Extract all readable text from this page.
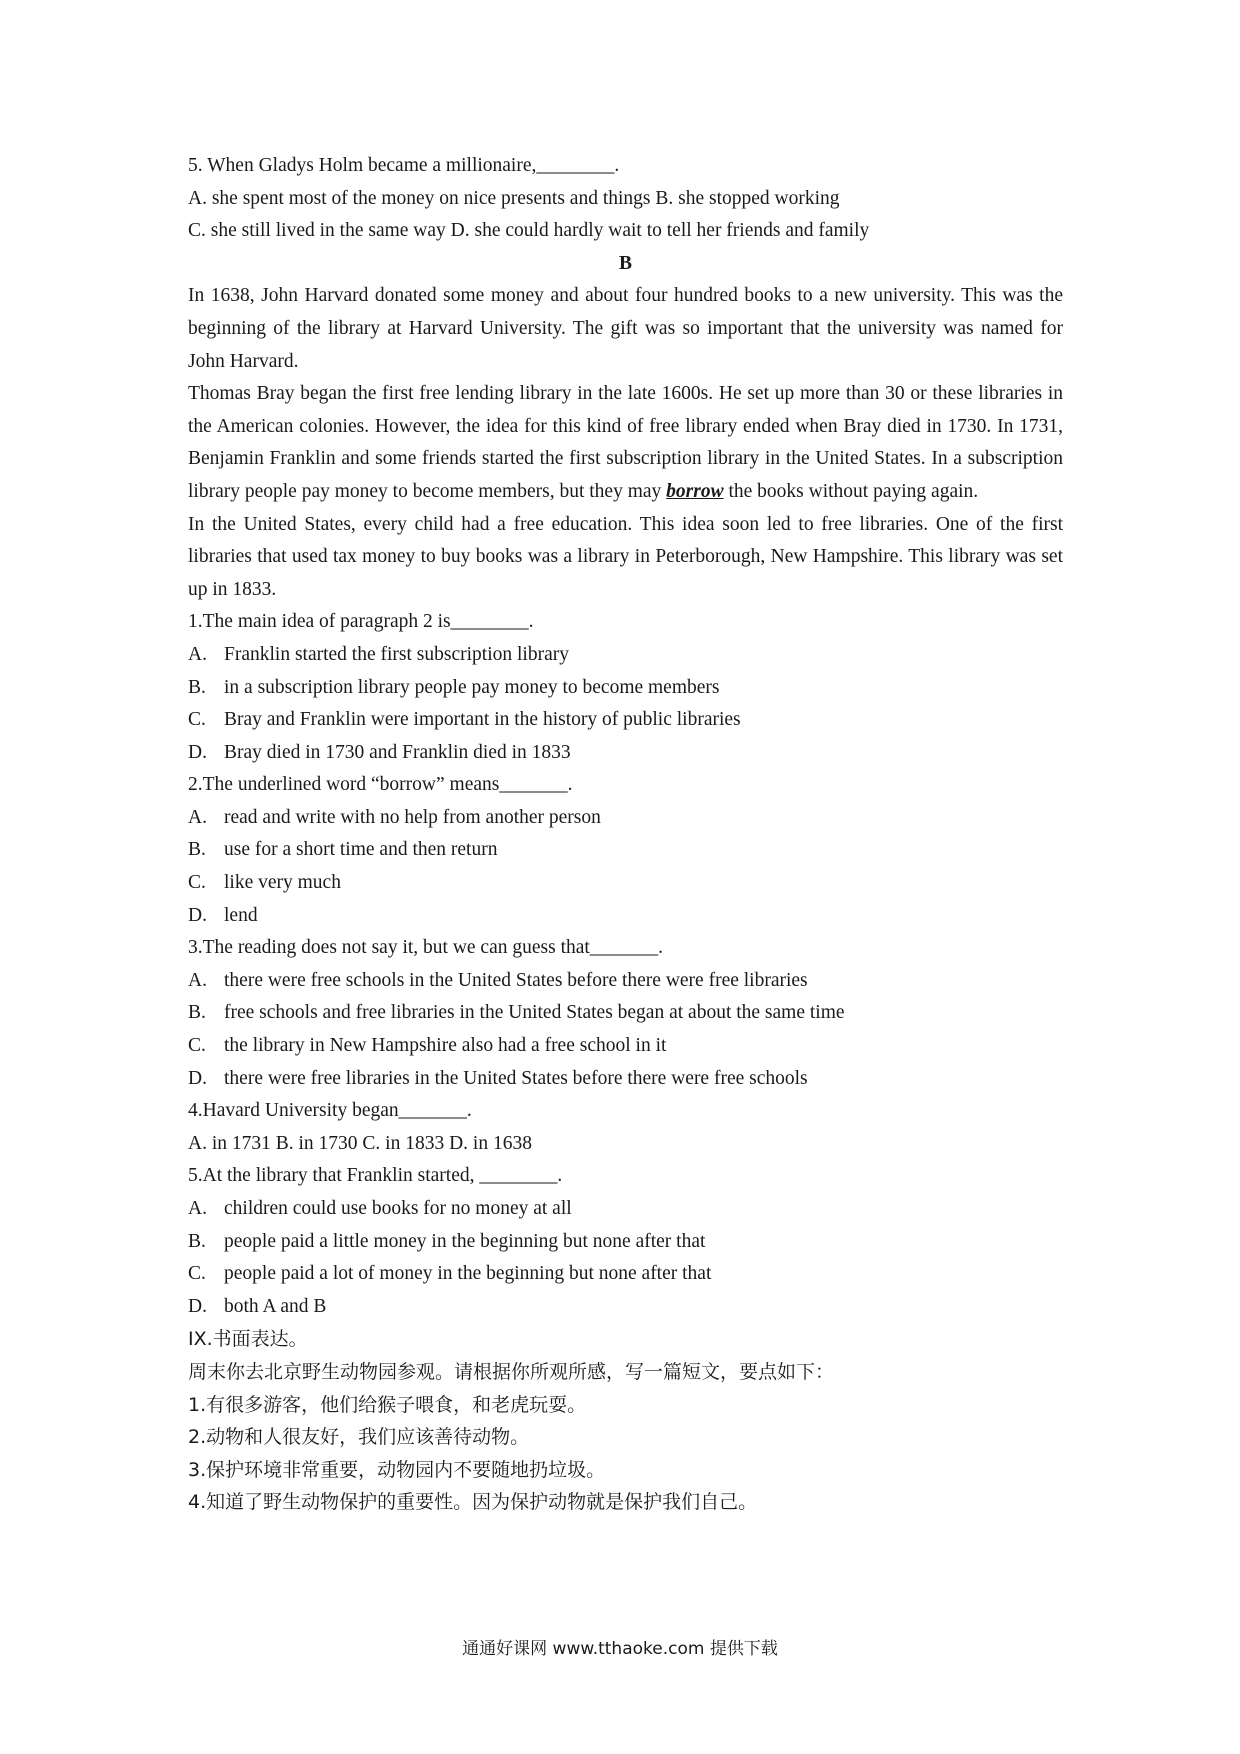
5. When Gladys Holm became a millionaire,________.
A. she spent most of the money on nice presents and things B. she stopped working
C. she still lived in the same way D. she could hardly wait to tell her friends and family
B

In 1638, John Harvard donated some money and about four hundred books to a new university. This was the beginning of the library at Harvard University. The gift was so important that the university was named for John Harvard.

Thomas Bray began the first free lending library in the late 1600s. He set up more than 30 or these libraries in the American colonies. However, the idea for this kind of free library ended when Bray died in 1730. In 1731, Benjamin Franklin and some friends started the first subscription library in the United States. In a subscription library people pay money to become members, but they may borrow the books without paying again.

In the United States, every child had a free education. This idea soon led to free libraries. One of the first libraries that used tax money to buy books was a library in Peterborough, New Hampshire. This library was set up in 1833.

1.The main idea of paragraph 2 is________.
A. Franklin started the first subscription library
B. in a subscription library people pay money to become members
C. Bray and Franklin were important in the history of public libraries
D. Bray died in 1730 and Franklin died in 1833
2.The underlined word “borrow” means_______.
A. read and write with no help from another person
B. use for a short time and then return
C. like very much
D. lend
3.The reading does not say it, but we can guess that_______.
A. there were free schools in the United States before there were free libraries
B. free schools and free libraries in the United States began at about the same time
C. the library in New Hampshire also had a free school in it
D. there were free libraries in the United States before there were free schools
4.Havard University began_______.
A. in 1731 B. in 1730 C. in 1833 D. in 1638
5.At the library that Franklin started, ________.
A. children could use books for no money at all
B. people paid a little money in the beginning but none after that
C. people paid a lot of money in the beginning but none after that
D. both A and B
IX.书面表达。
周末你去北京野生动物园参观。请根据你所观所感，写一篇短文，要点如下：
1.有很多游客，他们给猴子喂食，和老虎玩耍。
2.动物和人很友好，我们应该善待动物。
3.保护环境非常重要，动物园内不要随地扔垃圾。
4.知道了野生动物保护的重要性。因为保护动物就是保护我们自己。
通通好课网 www.tthaoke.com 提供下载
